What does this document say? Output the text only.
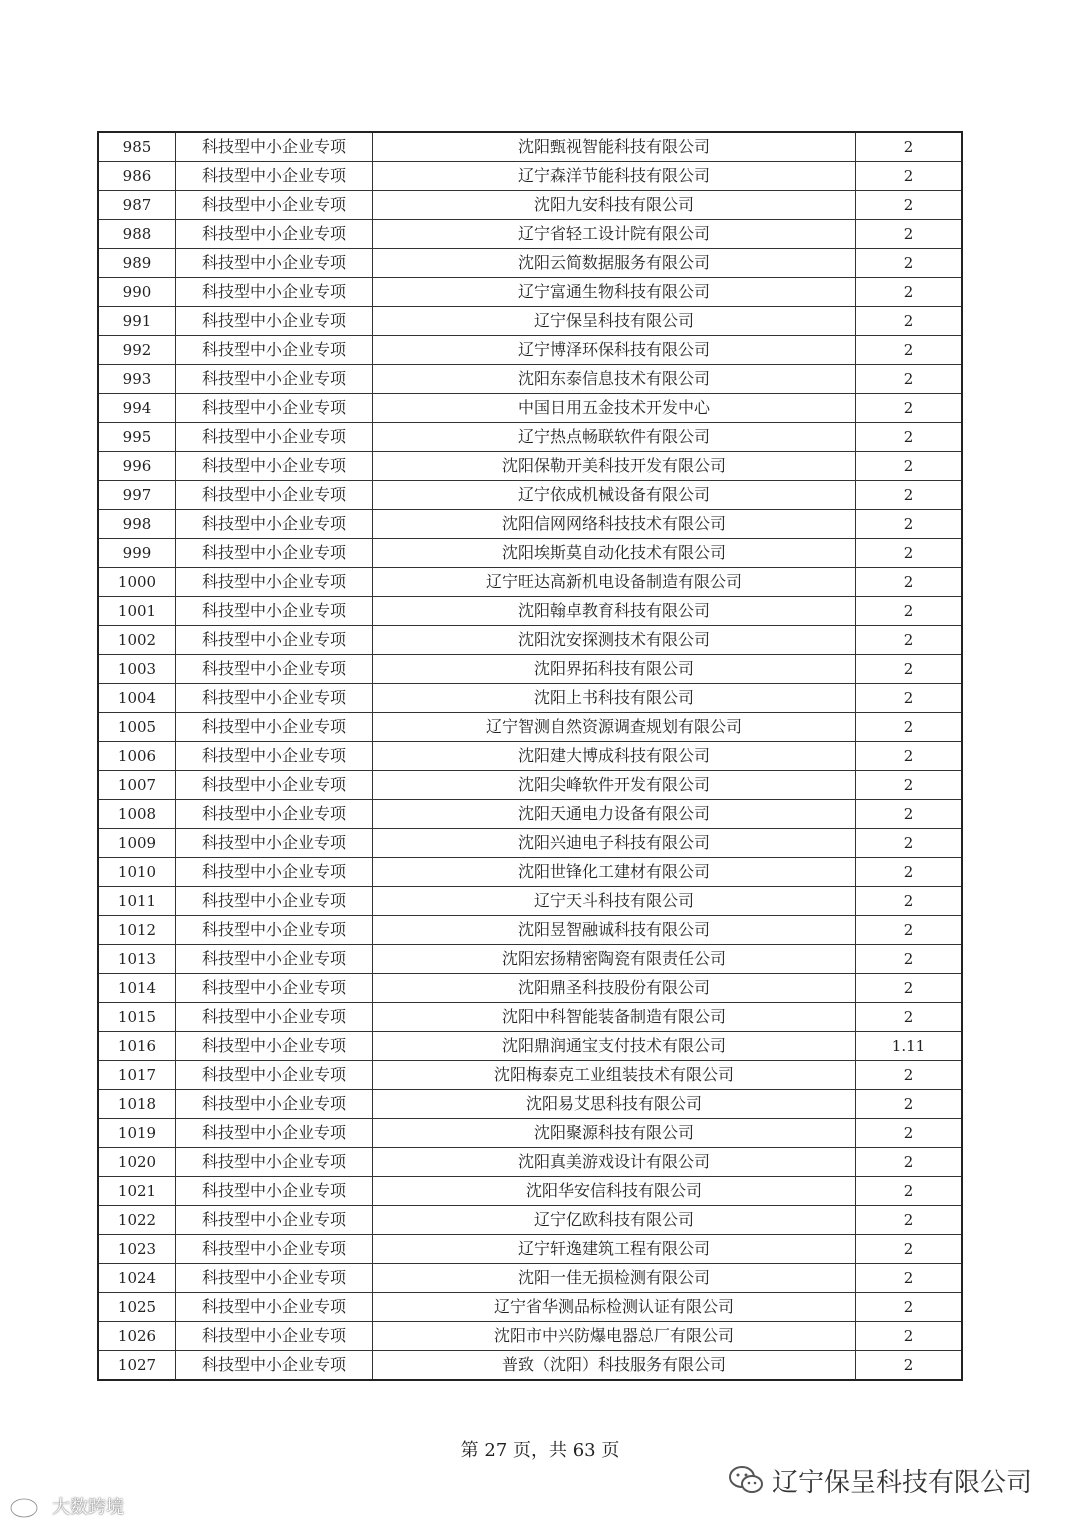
985	科技型中小企业专项	沈阳甄视智能科技有限公司	2
986	科技型中小企业专项	辽宁森洋节能科技有限公司	2
987	科技型中小企业专项	沈阳九安科技有限公司	2
988	科技型中小企业专项	辽宁省轻工设计院有限公司	2
989	科技型中小企业专项	沈阳云简数据服务有限公司	2
990	科技型中小企业专项	辽宁富通生物科技有限公司	2
991	科技型中小企业专项	辽宁保呈科技有限公司	2
992	科技型中小企业专项	辽宁博泽环保科技有限公司	2
993	科技型中小企业专项	沈阳东泰信息技术有限公司	2
994	科技型中小企业专项	中国日用五金技术开发中心	2
995	科技型中小企业专项	辽宁热点畅联软件有限公司	2
996	科技型中小企业专项	沈阳保勒开美科技开发有限公司	2
997	科技型中小企业专项	辽宁依成机械设备有限公司	2
998	科技型中小企业专项	沈阳信网网络科技技术有限公司	2
999	科技型中小企业专项	沈阳埃斯莫自动化技术有限公司	2
1000	科技型中小企业专项	辽宁旺达高新机电设备制造有限公司	2
1001	科技型中小企业专项	沈阳翰卓教育科技有限公司	2
1002	科技型中小企业专项	沈阳沈安探测技术有限公司	2
1003	科技型中小企业专项	沈阳界拓科技有限公司	2
1004	科技型中小企业专项	沈阳上书科技有限公司	2
1005	科技型中小企业专项	辽宁智测自然资源调查规划有限公司	2
1006	科技型中小企业专项	沈阳建大博成科技有限公司	2
1007	科技型中小企业专项	沈阳尖峰软件开发有限公司	2
1008	科技型中小企业专项	沈阳天通电力设备有限公司	2
1009	科技型中小企业专项	沈阳兴迪电子科技有限公司	2
1010	科技型中小企业专项	沈阳世锋化工建材有限公司	2
1011	科技型中小企业专项	辽宁天斗科技有限公司	2
1012	科技型中小企业专项	沈阳昱智融诚科技有限公司	2
1013	科技型中小企业专项	沈阳宏扬精密陶瓷有限责任公司	2
1014	科技型中小企业专项	沈阳鼎圣科技股份有限公司	2
1015	科技型中小企业专项	沈阳中科智能装备制造有限公司	2
1016	科技型中小企业专项	沈阳鼎润通宝支付技术有限公司	1.11
1017	科技型中小企业专项	沈阳梅泰克工业组装技术有限公司	2
1018	科技型中小企业专项	沈阳易艾思科技有限公司	2
1019	科技型中小企业专项	沈阳聚源科技有限公司	2
1020	科技型中小企业专项	沈阳真美游戏设计有限公司	2
1021	科技型中小企业专项	沈阳华安信科技有限公司	2
1022	科技型中小企业专项	辽宁亿欧科技有限公司	2
1023	科技型中小企业专项	辽宁轩逸建筑工程有限公司	2
1024	科技型中小企业专项	沈阳一佳无损检测有限公司	2
1025	科技型中小企业专项	辽宁省华测品标检测认证有限公司	2
1026	科技型中小企业专项	沈阳市中兴防爆电器总厂有限公司	2
1027	科技型中小企业专项	普致（沈阳）科技服务有限公司	2
第 27 页，共 63 页
辽宁保呈科技有限公司
大数跨境
